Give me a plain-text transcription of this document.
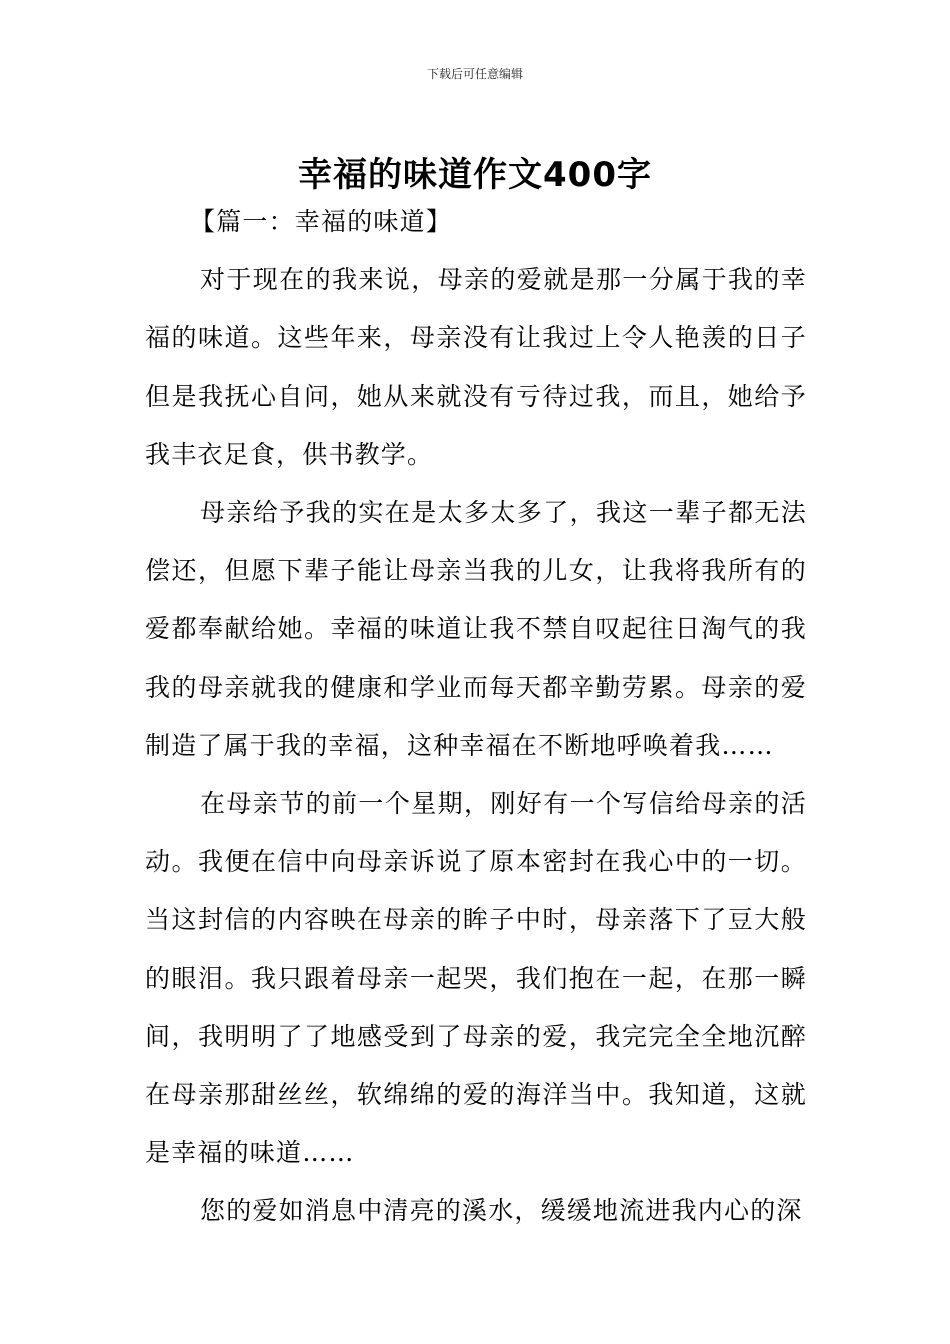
下载后可任意编辑
幸福的味道作文400字

【篇一：幸福的味道】

对于现在的我来说，母亲的爱就是那一分属于我的幸福的味道。这些年来，母亲没有让我过上令人艳羡的日子但是我抚心自问，她从来就没有亏待过我，而且，她给予我丰衣足食，供书教学。

母亲给予我的实在是太多太多了，我这一辈子都无法偿还，但愿下辈子能让母亲当我的儿女，让我将我所有的爱都奉献给她。幸福的味道让我不禁自叹起往日淘气的我我的母亲就我的健康和学业而每天都辛勤劳累。母亲的爱制造了属于我的幸福，这种幸福在不断地呼唤着我……

在母亲节的前一个星期，刚好有一个写信给母亲的活动。我便在信中向母亲诉说了原本密封在我心中的一切。当这封信的内容映在母亲的眸子中时，母亲落下了豆大般的眼泪。我只跟着母亲一起哭，我们抱在一起，在那一瞬间，我明明了了地感受到了母亲的爱，我完完全全地沉醉在母亲那甜丝丝，软绵绵的爱的海洋当中。我知道，这就是幸福的味道……

您的爱如消息中清亮的溪水，缓缓地流进我内心的深
